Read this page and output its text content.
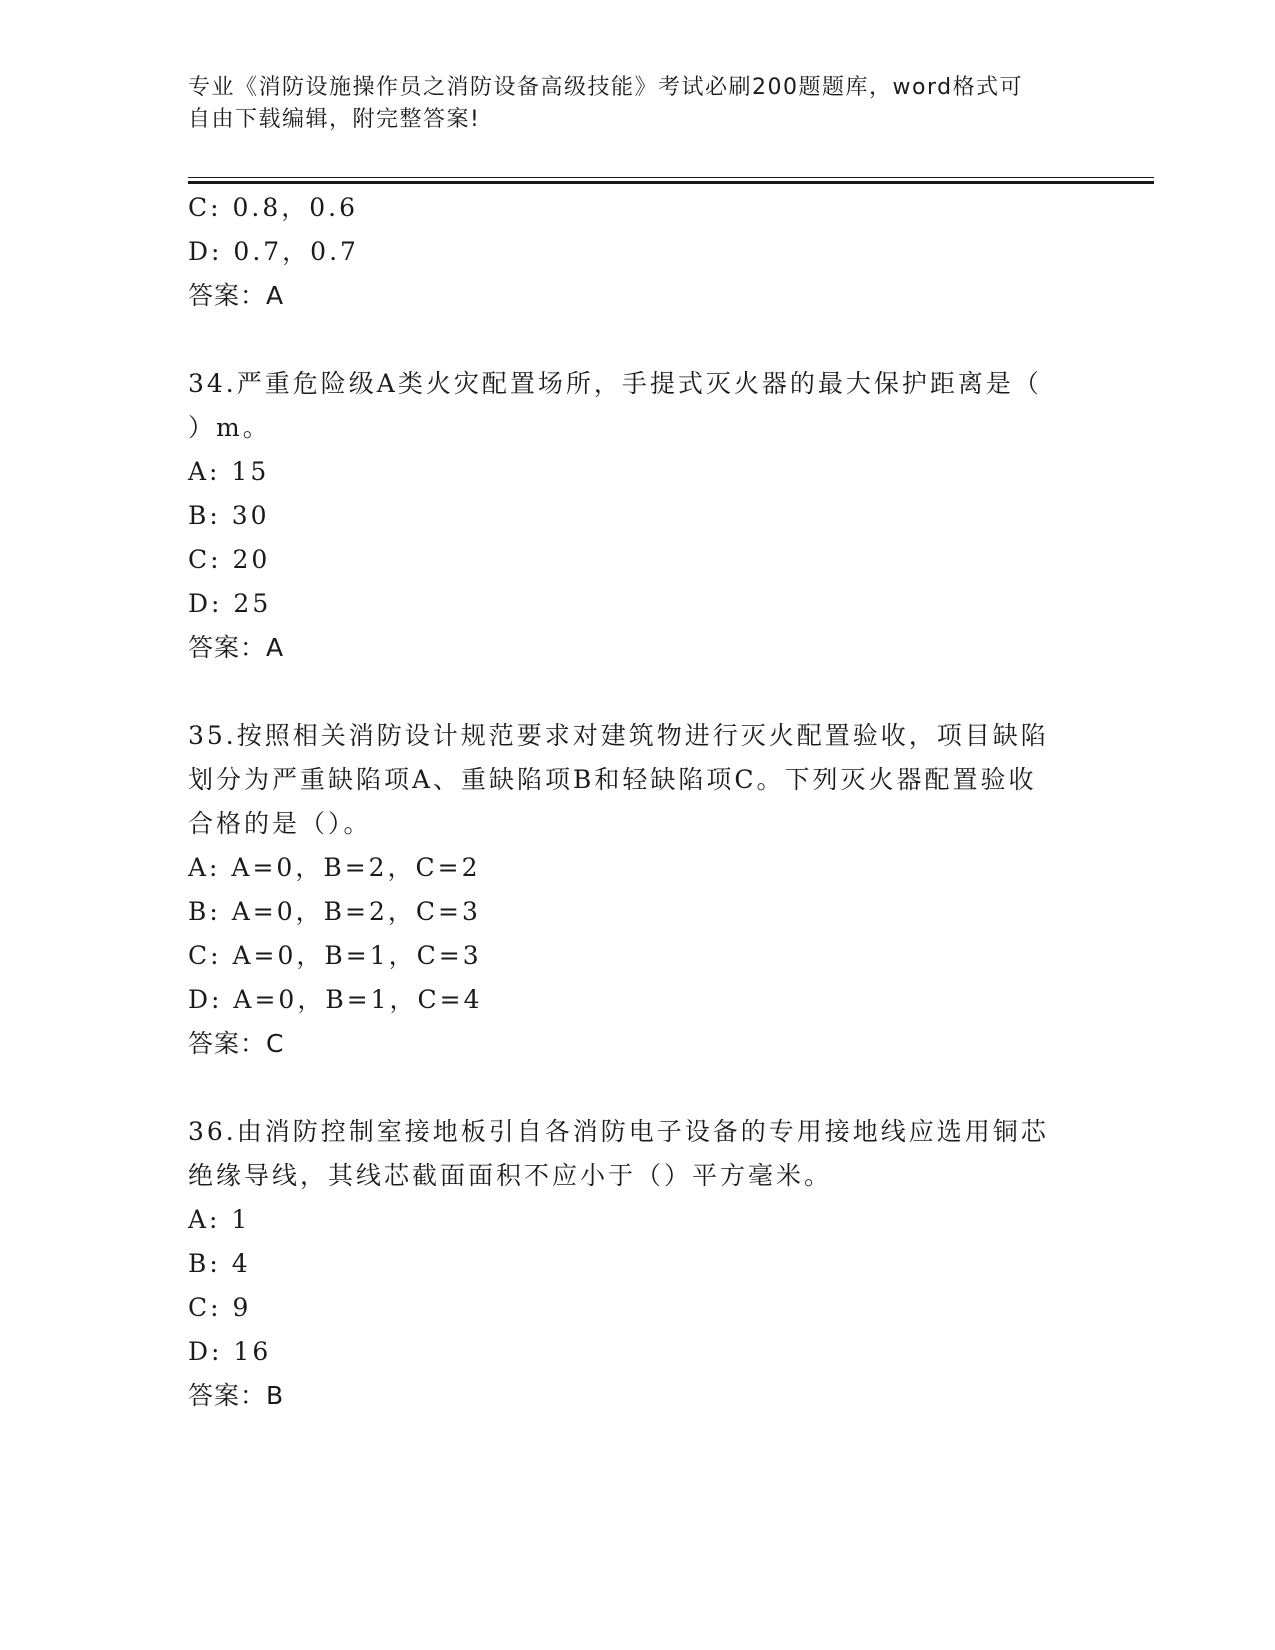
专业《消防设施操作员之消防设备高级技能》考试必刷200题题库，word格式可
自由下载编辑，附完整答案!
C: 0.8，0.6
D: 0.7，0.7
答案：A
34.严重危险级A类火灾配置场所，手提式灭火器的最大保护距离是（
）m。
A: 15
B: 30
C: 20
D: 25
答案：A
35.按照相关消防设计规范要求对建筑物进行灭火配置验收，项目缺陷
划分为严重缺陷项A、重缺陷项B和轻缺陷项C。下列灭火器配置验收
合格的是（）。
A: A=0，B=2，C=2
B: A=0，B=2，C=3
C: A=0，B=1，C=3
D: A=0，B=1，C=4
答案：C
36.由消防控制室接地板引自各消防电子设备的专用接地线应选用铜芯
绝缘导线，其线芯截面面积不应小于（）平方毫米。
A: 1
B: 4
C: 9
D: 16
答案：B
